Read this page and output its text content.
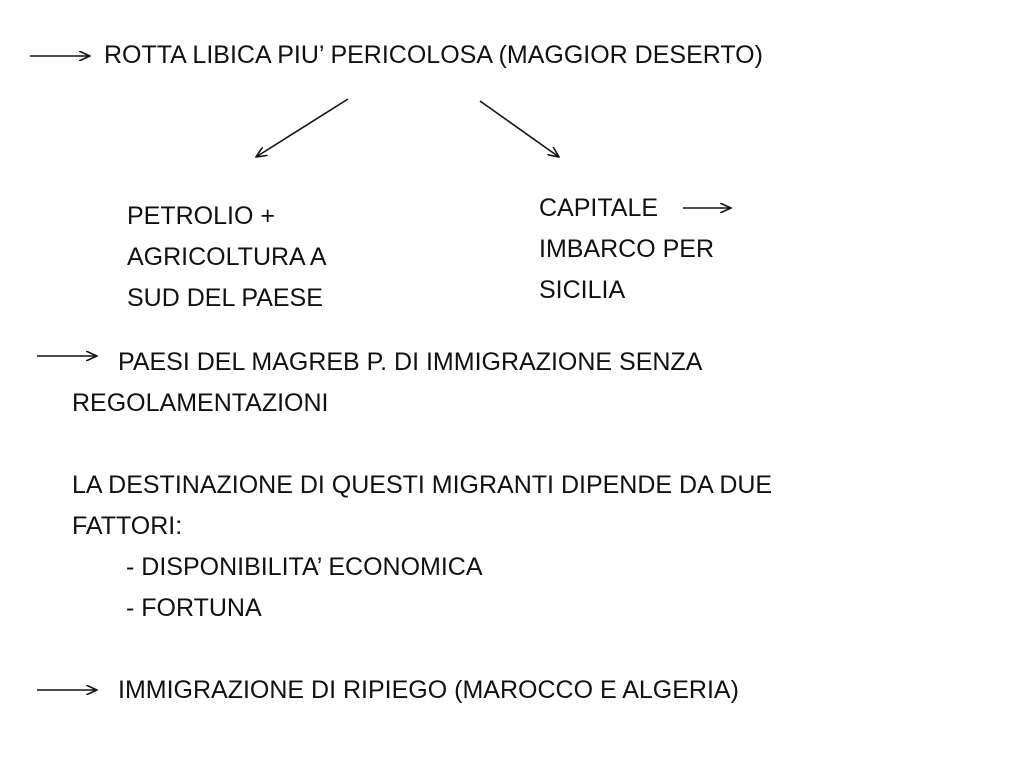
ROTTA LIBICA PIU’ PERICOLOSA (MAGGIOR DESERTO)
PETROLIO +
AGRICOLTURA A
SUD DEL PAESE
CAPITALE
IMBARCO PER
SICILIA
PAESI DEL MAGREB P. DI IMMIGRAZIONE SENZA
REGOLAMENTAZIONI
LA DESTINAZIONE DI QUESTI MIGRANTI DIPENDE DA DUE
FATTORI:
- DISPONIBILITA’ ECONOMICA
- FORTUNA
IMMIGRAZIONE DI RIPIEGO (MAROCCO E ALGERIA)
